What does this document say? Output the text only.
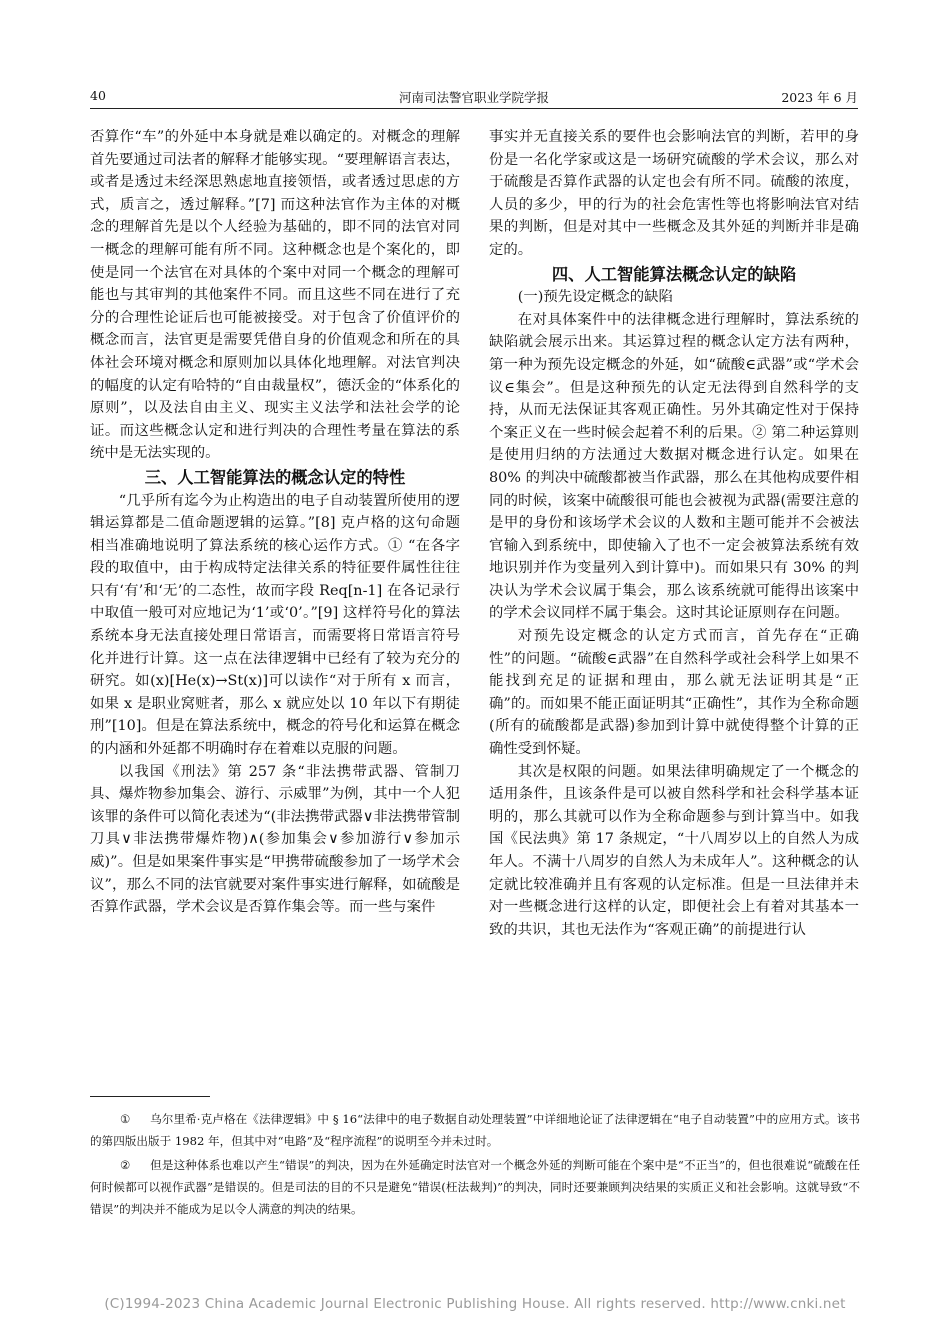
40	河南司法警官职业学院学报	2023 年 6 月

否算作“车”的外延中本身就是难以确定的。对概念的理解首先要通过司法者的解释才能够实现。“要理解语言表达，或者是透过未经深思熟虑地直接领悟，或者透过思虑的方式，质言之，透过解释。”[7] 而这种法官作为主体的对概念的理解首先是以个人经验为基础的，即不同的法官对同一概念的理解可能有所不同。这种概念也是个案化的，即使是同一个法官在对具体的个案中对同一个概念的理解可能也与其审判的其他案件不同。而且这些不同在进行了充分的合理性论证后也可能被接受。对于包含了价值评价的概念而言，法官更是需要凭借自身的价值观念和所在的具体社会环境对概念和原则加以具体化地理解。对法官判决的幅度的认定有哈特的“自由裁量权”，德沃金的“体系化的原则”，以及法自由主义、现实主义法学和法社会学的论证。而这些概念认定和进行判决的合理性考量在算法的系统中是无法实现的。

三、人工智能算法的概念认定的特性

“几乎所有迄今为止构造出的电子自动装置所使用的逻辑运算都是二值命题逻辑的运算。”[8] 克卢格的这句命题相当准确地说明了算法系统的核心运作方式。① “在各字段的取值中，由于构成特定法律关系的特征要件属性往往只有‘有’和‘无’的二态性，故而字段 Req[n-1] 在各记录行中取值一般可对应地记为‘1’或‘0’。”[9] 这样符号化的算法系统本身无法直接处理日常语言，而需要将日常语言符号化并进行计算。这一点在法律逻辑中已经有了较为充分的研究。如(x)[He(x)→St(x)]可以读作“对于所有 x 而言，如果 x 是职业窝赃者，那么 x 就应处以 10 年以下有期徒刑”[10]。但是在算法系统中，概念的符号化和运算在概念的内涵和外延都不明确时存在着难以克服的问题。

以我国《刑法》第 257 条“非法携带武器、管制刀具、爆炸物参加集会、游行、示威罪”为例，其中一个人犯该罪的条件可以简化表述为“(非法携带武器∨非法携带管制刀具∨非法携带爆炸物)∧(参加集会∨参加游行∨参加示威)”。但是如果案件事实是“甲携带硫酸参加了一场学术会议”，那么不同的法官就要对案件事实进行解释，如硫酸是否算作武器，学术会议是否算作集会等。而一些与案件

事实并无直接关系的要件也会影响法官的判断，若甲的身份是一名化学家或这是一场研究硫酸的学术会议，那么对于硫酸是否算作武器的认定也会有所不同。硫酸的浓度，人员的多少，甲的行为的社会危害性等也将影响法官对结果的判断，但是对其中一些概念及其外延的判断并非是确定的。

四、人工智能算法概念认定的缺陷

(一)预先设定概念的缺陷

在对具体案件中的法律概念进行理解时，算法系统的缺陷就会展示出来。其运算过程的概念认定方法有两种，第一种为预先设定概念的外延，如“硫酸∈武器”或“学术会议∈集会”。但是这种预先的认定无法得到自然科学的支持，从而无法保证其客观正确性。另外其确定性对于保持个案正义在一些时候会起着不利的后果。② 第二种运算则是使用归纳的方法通过大数据对概念进行认定。如果在 80% 的判决中硫酸都被当作武器，那么在其他构成要件相同的时候，该案中硫酸很可能也会被视为武器(需要注意的是甲的身份和该场学术会议的人数和主题可能并不会被法官输入到系统中，即使输入了也不一定会被算法系统有效地识别并作为变量列入到计算中)。而如果只有 30% 的判决认为学术会议属于集会，那么该系统就可能得出该案中的学术会议同样不属于集会。这时其论证原则存在问题。

对预先设定概念的认定方式而言，首先存在“正确性”的问题。“硫酸∈武器”在自然科学或社会科学上如果不能找到充足的证据和理由，那么就无法证明其是“正确”的。而如果不能正面证明其“正确性”，其作为全称命题(所有的硫酸都是武器)参加到计算中就使得整个计算的正确性受到怀疑。

其次是权限的问题。如果法律明确规定了一个概念的适用条件，且该条件是可以被自然科学和社会科学基本证明的，那么其就可以作为全称命题参与到计算当中。如我国《民法典》第 17 条规定，“十八周岁以上的自然人为成年人。不满十八周岁的自然人为未成年人”。这种概念的认定就比较准确并且有客观的认定标准。但是一旦法律并未对一些概念进行这样的认定，即便社会上有着对其基本一致的共识，其也无法作为“客观正确”的前提进行认

① 乌尔里希·克卢格在《法律逻辑》中 § 16“法律中的电子数据自动处理装置”中详细地论证了法律逻辑在“电子自动装置”中的应用方式。该书的第四版出版于 1982 年，但其中对“电路”及“程序流程”的说明至今并未过时。
② 但是这种体系也难以产生“错误”的判决，因为在外延确定时法官对一个概念外延的判断可能在个案中是“不正当”的，但也很难说“硫酸在任何时候都可以视作武器”是错误的。但是司法的目的不只是避免“错误(枉法裁判)”的判决，同时还要兼顾判决结果的实质正义和社会影响。这就导致“不错误”的判决并不能成为足以令人满意的判决的结果。
(C)1994-2023 China Academic Journal Electronic Publishing House. All rights reserved. http://www.cnki.net
